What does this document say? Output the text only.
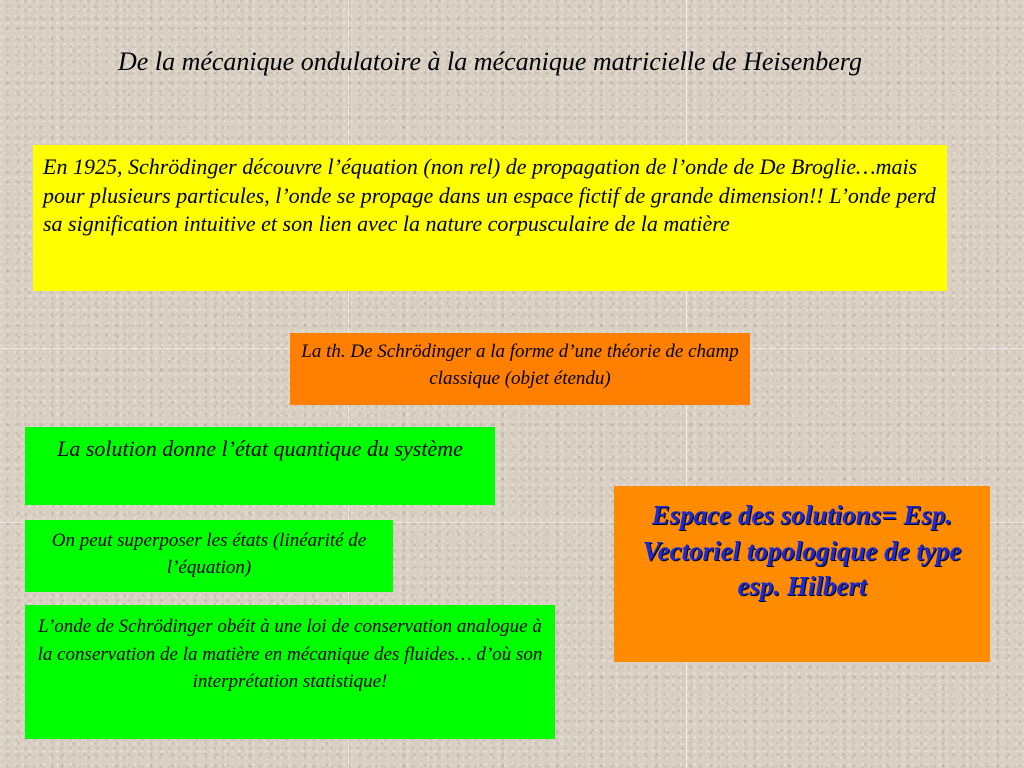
De la mécanique ondulatoire à la mécanique matricielle de Heisenberg
En 1925, Schrödinger découvre l’équation (non rel) de propagation de l’onde de De Broglie…mais pour plusieurs particules, l’onde se propage dans un espace fictif de grande dimension!! L’onde perd sa signification intuitive et son lien avec la nature corpusculaire de la matière
La th. De Schrödinger a la forme d’une théorie de champ classique (objet étendu)
La solution donne l’état quantique du système
On peut superposer les états (linéarité de l’équation)
L’onde de Schrödinger obéit à une loi de conservation analogue à la conservation de la matière en mécanique des fluides… d’où son interprétation statistique!
Espace des solutions= Esp. Vectoriel topologique de type esp. Hilbert
